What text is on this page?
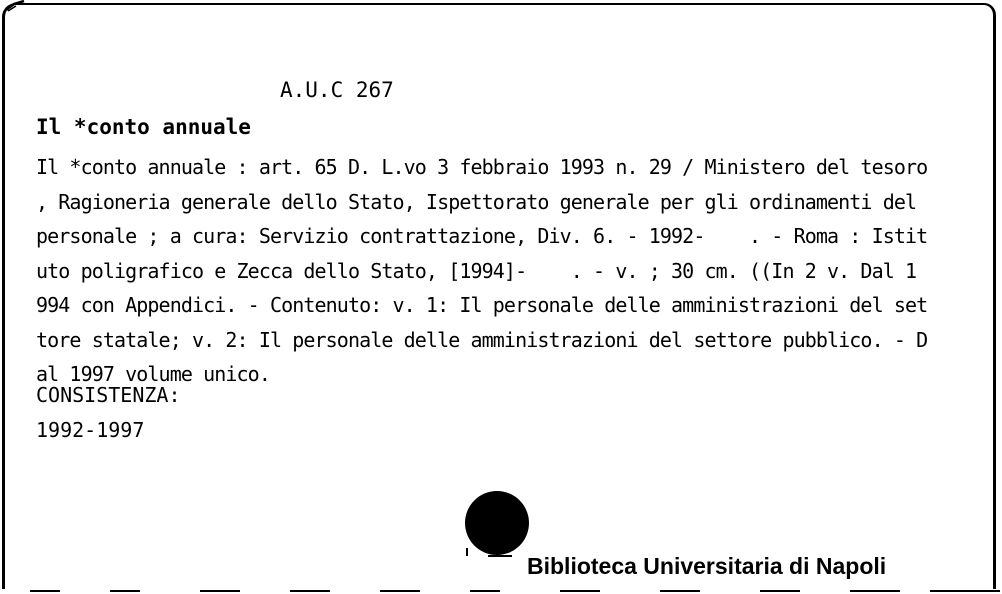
A.U.C 267
Il *conto annuale
Il *conto annuale : art. 65 D. L.vo 3 febbraio 1993 n. 29 / Ministero del tesoro
, Ragioneria generale dello Stato, Ispettorato generale per gli ordinamenti del
personale ; a cura: Servizio contrattazione, Div. 6. - 1992-    . - Roma : Istit
uto poligrafico e Zecca dello Stato, [1994]-    . - v. ; 30 cm. ((In 2 v. Dal 1
994 con Appendici. - Contenuto: v. 1: Il personale delle amministrazioni del set
tore statale; v. 2: Il personale delle amministrazioni del settore pubblico. - D
al 1997 volume unico.
CONSISTENZA:
1992-1997
Biblioteca Universitaria di Napoli
